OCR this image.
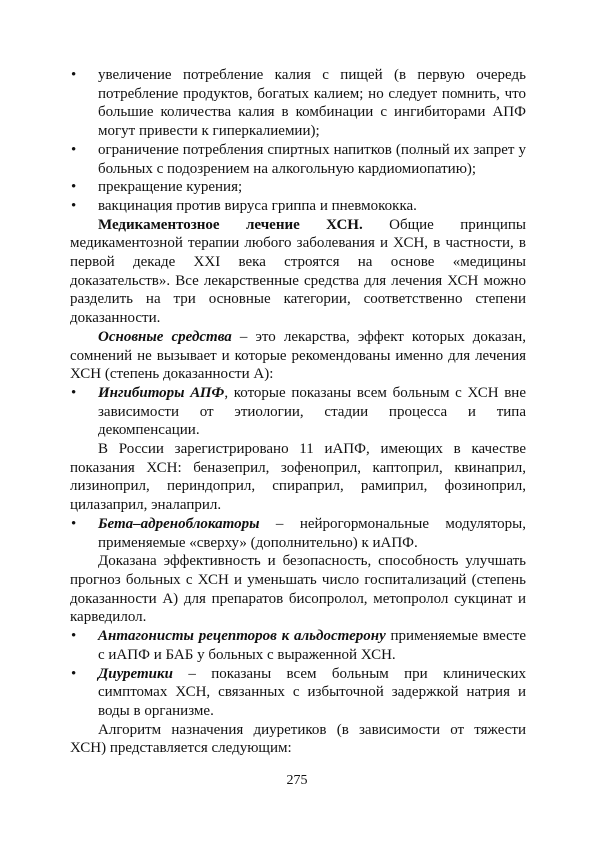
• увеличение потребление калия с пищей (в первую очередь потребление продуктов, богатых калием; но следует помнить, что большие количества калия в комбинации с ингибиторами АПФ могут привести к гиперкалиемии);
• ограничение потребления спиртных напитков (полный их запрет у больных с подозрением на алкогольную кардиомиопатию);
• прекращение курения;
• вакцинация против вируса гриппа и пневмококка.

Медикаментозное лечение ХСН. Общие принципы медикаментозной терапии любого заболевания и ХСН, в частности, в первой декаде XXI века строятся на основе «медицины доказательств». Все лекарственные средства для лечения ХСН можно разделить на три основные категории, соответственно степени доказанности.

Основные средства – это лекарства, эффект которых доказан, сомнений не вызывает и которые рекомендованы именно для лечения ХСН (степень доказанности А):

• Ингибиторы АПФ, которые показаны всем больным с ХСН вне зависимости от этиологии, стадии процесса и типа декомпенсации.

В России зарегистрировано 11 иАПФ, имеющих в качестве показания ХСН: беназеприл, зофеноприл, каптоприл, квинаприл, лизиноприл, периндоприл, спираприл, рамиприл, фозиноприл, цилазаприл, эналаприл.

• Бета–адреноблокаторы – нейрогормональные модуляторы, применяемые «сверху» (дополнительно) к иАПФ.

Доказана эффективность и безопасность, способность улучшать прогноз больных с ХСН и уменьшать число госпитализаций (степень доказанности А) для препаратов бисопролол, метопролол сукцинат и карведилол.

• Антагонисты рецепторов к альдостерону применяемые вместе с иАПФ и БАБ у больных с выраженной ХСН.
• Диуретики – показаны всем больным при клинических симптомах ХСН, связанных с избыточной задержкой натрия и воды в организме.

Алгоритм назначения диуретиков (в зависимости от тяжести ХСН) представляется следующим:

275
